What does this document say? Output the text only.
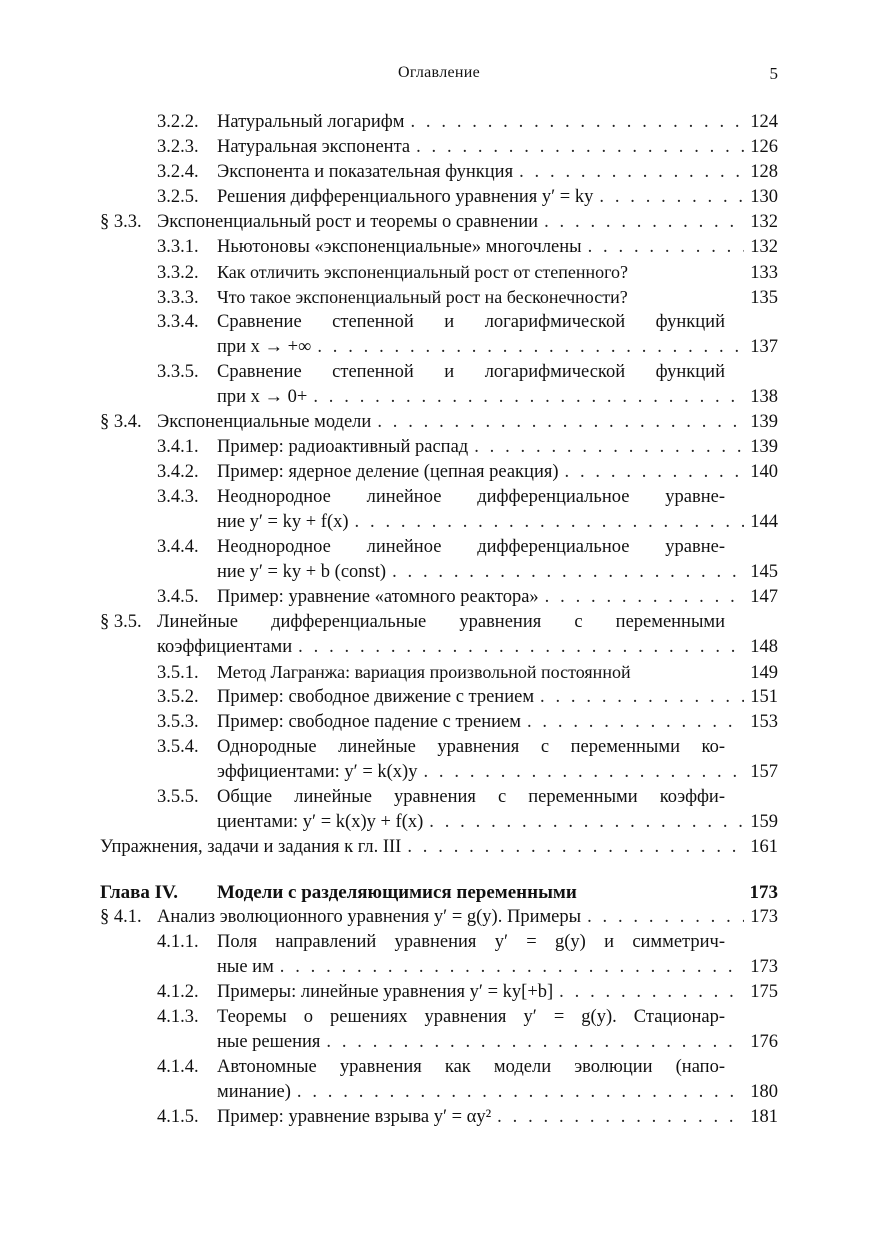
Оглавление	5
3.2.2. Натуральный логарифм . . .	124
3.2.3. Натуральная экспонента . . .	126
3.2.4. Экспонента и показательная функция . . .	128
3.2.5. Решения дифференциального уравнения y′ = ky . . .	130
§ 3.3. Экспоненциальный рост и теоремы о сравнении . . .	132
3.3.1. Ньютоновы «экспоненциальные» многочлены . . .	132
3.3.2.	Как отличить экспоненциальный рост от степенного?	133
3.3.3.	Что такое экспоненциальный рост на бесконечности?	135
3.3.4. Сравнение степенной и логарифмической функций
при x → +∞ . . .	137
3.3.5. Сравнение степенной и логарифмической функций
при x → 0+ . . .	138
§ 3.4. Экспоненциальные модели . . .	139
3.4.1. Пример: радиоактивный распад . . .	139
3.4.2. Пример: ядерное деление (цепная реакция) . . .	140
3.4.3. Неоднородное линейное дифференциальное уравне-
ние y′ = ky + f(x) . . .	144
3.4.4. Неоднородное линейное дифференциальное уравне-
ние y′ = ky + b (const) . . .	145
3.4.5. Пример: уравнение «атомного реактора» . . .	147
§ 3.5. Линейные дифференциальные уравнения с переменными
коэффициентами . . .	148
3.5.1.	Метод Лагранжа: вариация произвольной постоянной	149
3.5.2. Пример: свободное движение с трением . . .	151
3.5.3. Пример: свободное падение с трением . . .	153
3.5.4. Однородные линейные уравнения с переменными ко-
эффициентами: y′ = k(x)y . . .	157
3.5.5. Общие линейные уравнения с переменными коэффи-
циентами: y′ = k(x)y + f(x) . . .	159
Упражнения, задачи и задания к гл. III . . .	161
Глава IV.	Модели с разделяющимися переменными	173
§ 4.1. Анализ эволюционного уравнения y′ = g(y). Примеры . . .	173
4.1.1. Поля направлений уравнения y′ = g(y) и симметрич-
ные им . . .	173
4.1.2. Примеры: линейные уравнения y′ = ky[+b] . . .	175
4.1.3. Теоремы о решениях уравнения y′ = g(y). Стационар-
ные решения . . .	176
4.1.4. Автономные уравнения как модели эволюции (напо-
минание) . . .	180
4.1.5. Пример: уравнение взрыва y′ = αy² . . .	181
